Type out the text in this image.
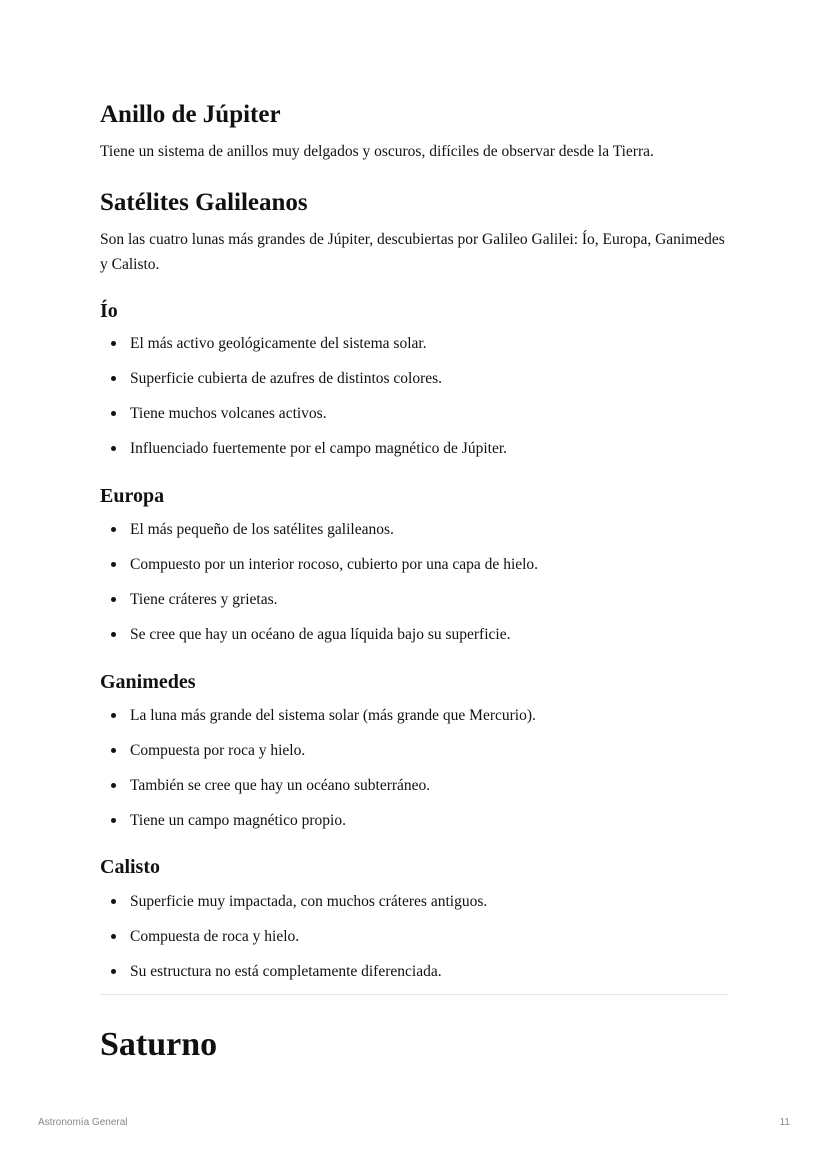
Anillo de Júpiter

Tiene un sistema de anillos muy delgados y oscuros, difíciles de observar desde la Tierra.

Satélites Galileanos

Son las cuatro lunas más grandes de Júpiter, descubiertas por Galileo Galilei: Ío, Europa, Ganimedes y Calisto.

Ío
El más activo geológicamente del sistema solar.
Superficie cubierta de azufres de distintos colores.
Tiene muchos volcanes activos.
Influenciado fuertemente por el campo magnético de Júpiter.
Europa
El más pequeño de los satélites galileanos.
Compuesto por un interior rocoso, cubierto por una capa de hielo.
Tiene cráteres y grietas.
Se cree que hay un océano de agua líquida bajo su superficie.
Ganimedes
La luna más grande del sistema solar (más grande que Mercurio).
Compuesta por roca y hielo.
También se cree que hay un océano subterráneo.
Tiene un campo magnético propio.
Calisto
Superficie muy impactada, con muchos cráteres antiguos.
Compuesta de roca y hielo.
Su estructura no está completamente diferenciada.
Saturno
Astronomía General	11
